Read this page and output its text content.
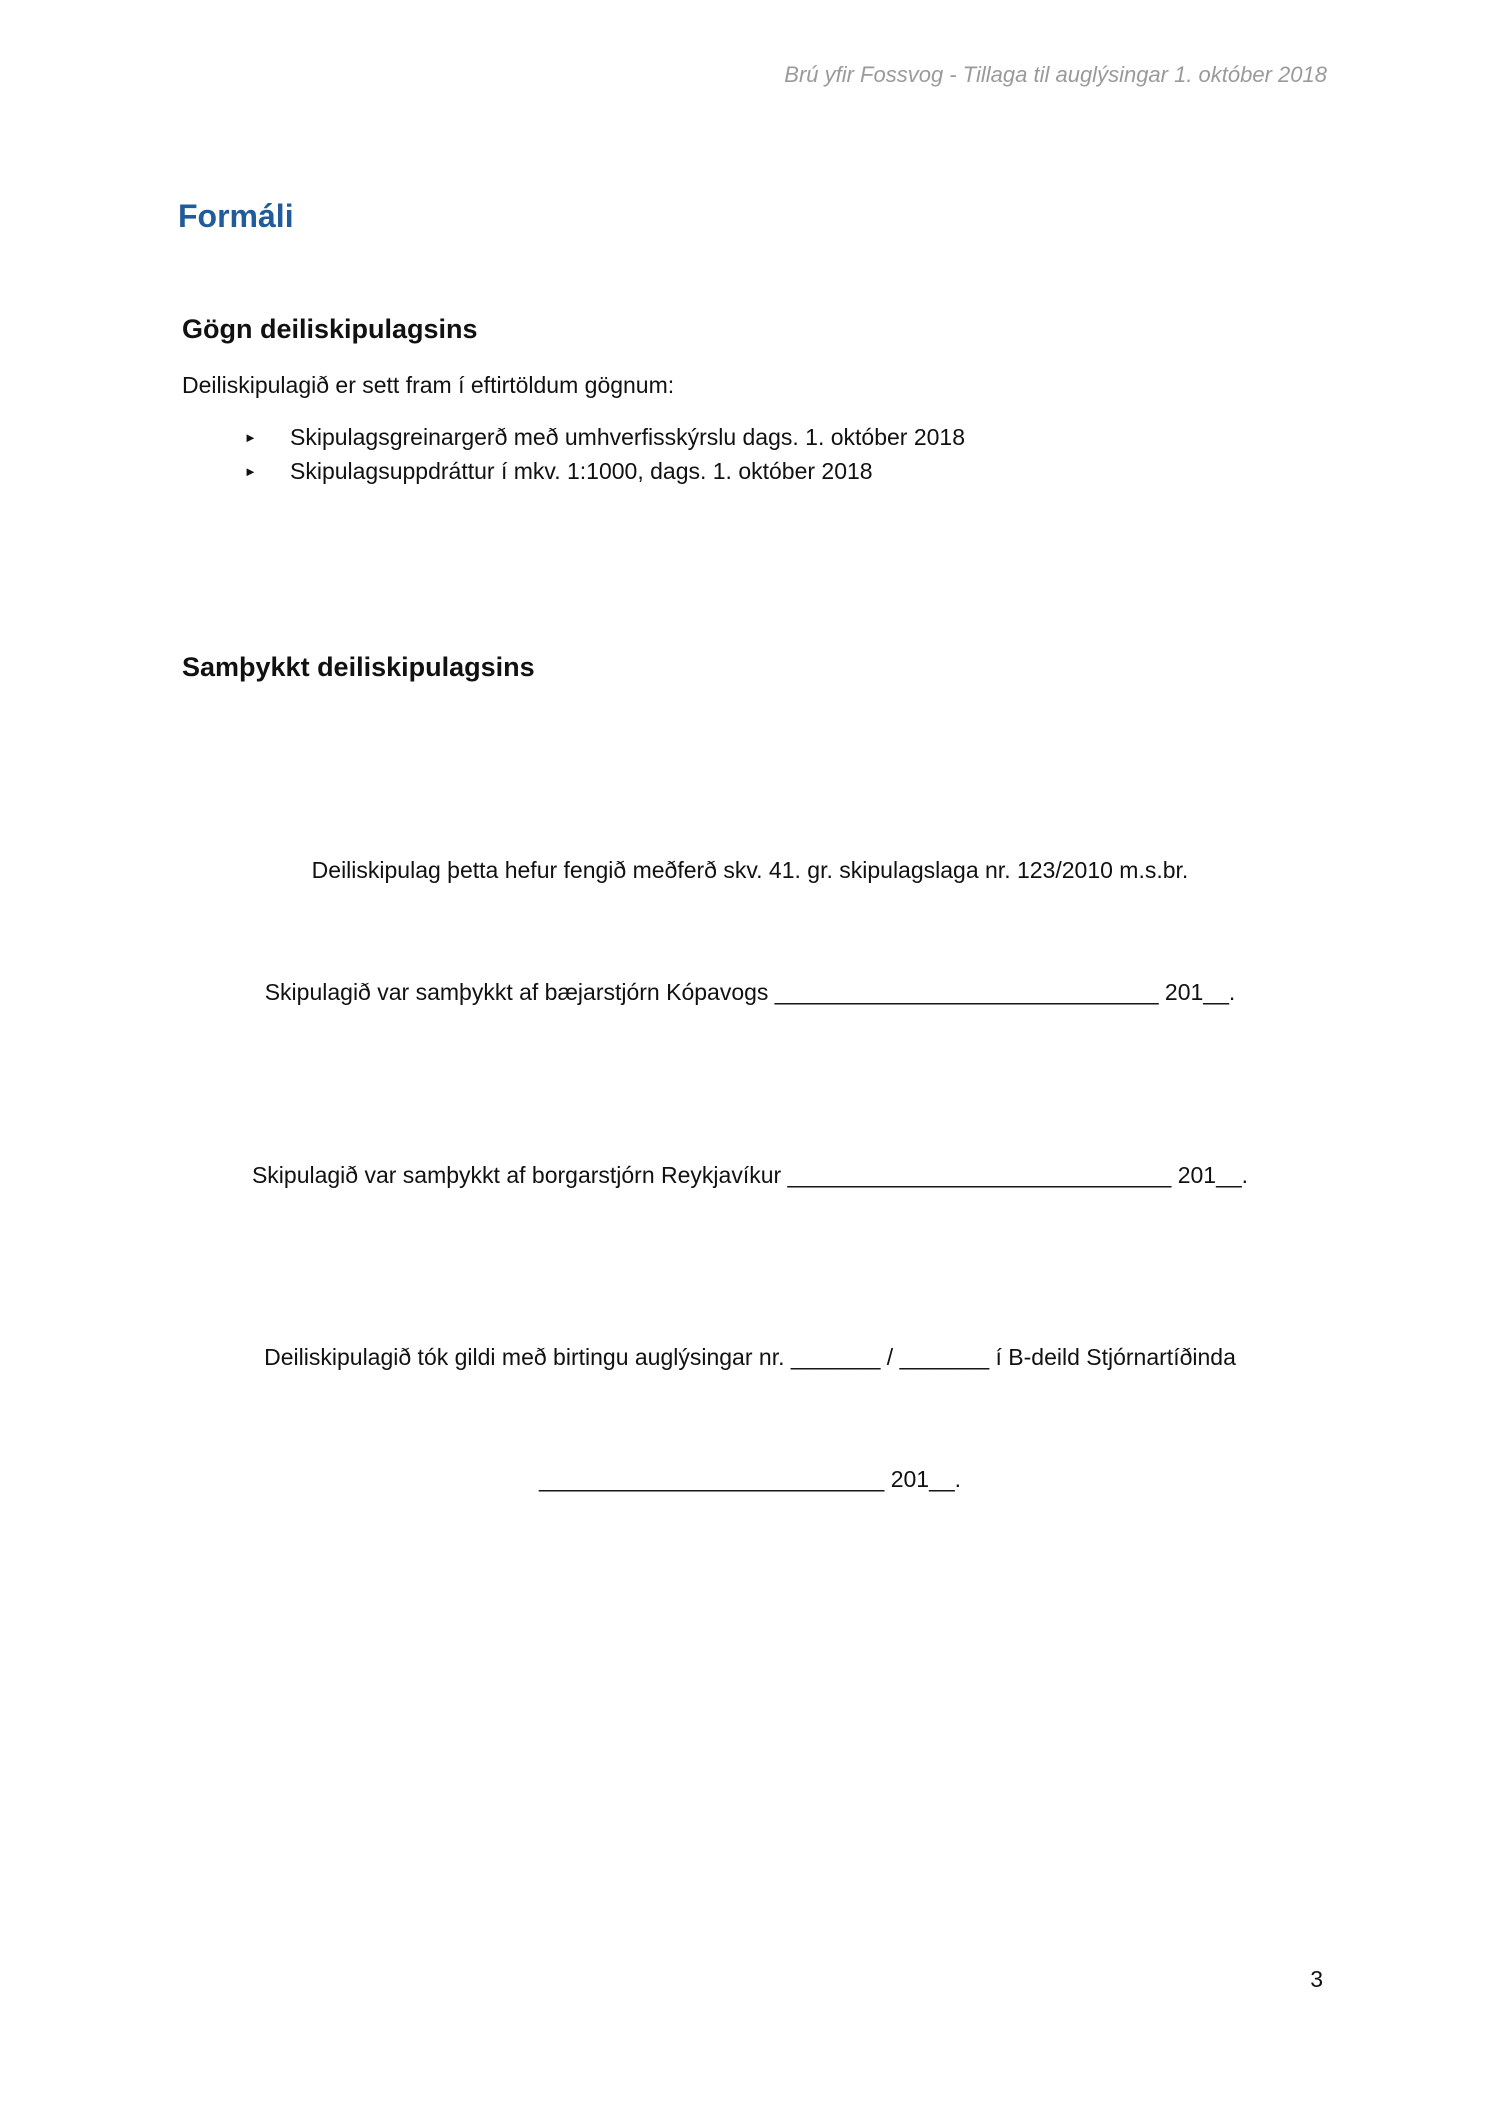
Brú yfir Fossvog - Tillaga til auglýsingar 1. október 2018
Formáli
Gögn deiliskipulagsins

Deiliskipulagið er sett fram í eftirtöldum gögnum:

►	Skipulagsgreinargerð með umhverfisskýrslu dags. 1. október 2018
►	Skipulagsuppdráttur í mkv. 1:1000, dags. 1. október 2018
Samþykkt deiliskipulagsins

Deiliskipulag þetta hefur fengið meðferð skv. 41. gr. skipulagslaga nr. 123/2010 m.s.br.

Skipulagið var samþykkt af bæjarstjórn Kópavogs ______________________________ 201__.

Skipulagið var samþykkt af borgarstjórn Reykjavíkur ______________________________ 201__.

Deiliskipulagið tók gildi með birtingu auglýsingar nr. _______ / _______ í B-deild Stjórnartíðinda

___________________________ 201__.

3
